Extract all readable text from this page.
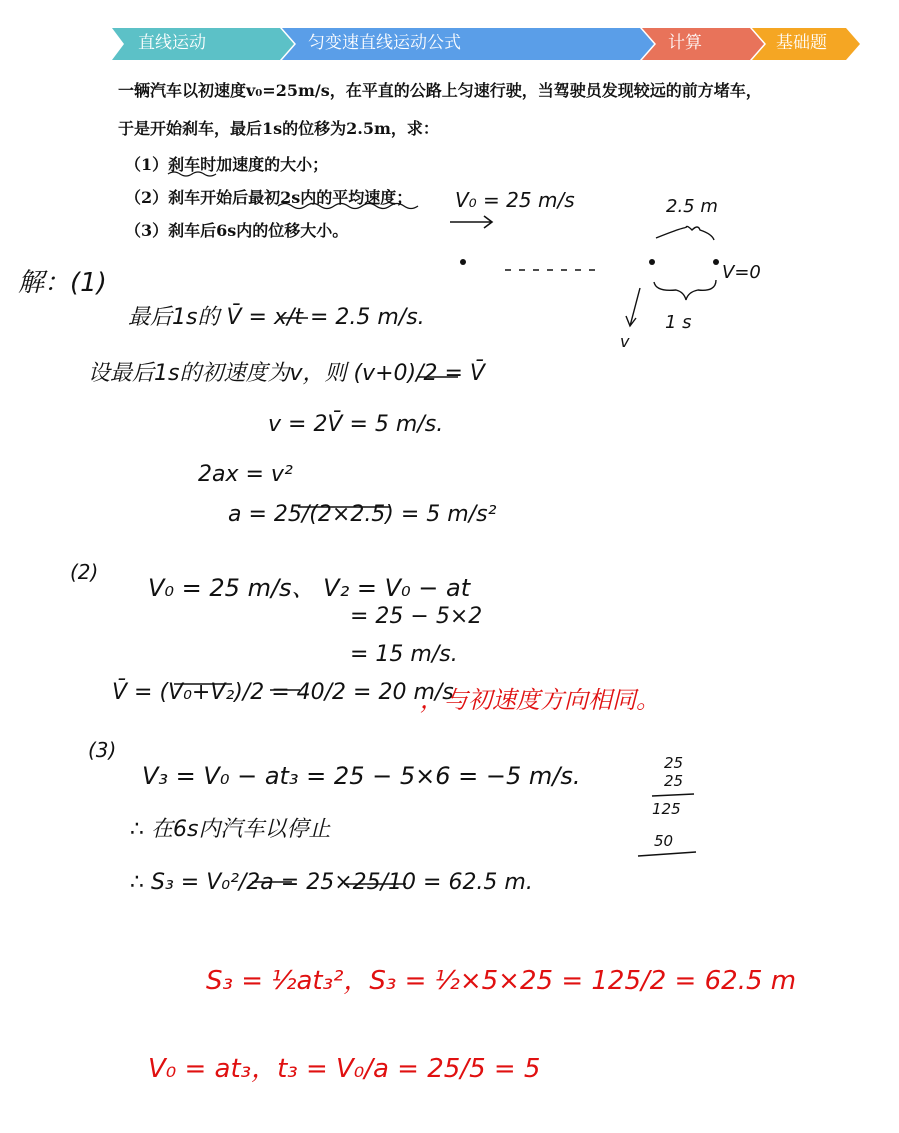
直线运动	匀变速直线运动公式	计算	基础题
一辆汽车以初速度v₀=25m/s，在平直的公路上匀速行驶，当驾驶员发现较远的前方堵车，
于是开始刹车，最后1s的位移为2.5m，求：
（1）刹车时加速度的大小；
（2）刹车开始后最初2s内的平均速度；
（3）刹车后6s内的位移大小。
V₀ = 25 m/s	2.5 m
V=0
1 s
v
解：(1)
最后1s的 V̄ = x/t = 2.5 m/s.
设最后1s的初速度为v，则 (v+0)/2 = V̄
v = 2V̄ = 5 m/s.
2ax = v²
a = 25/(2×2.5) = 5 m/s²
(2)
V₀ = 25 m/s、 V₂ = V₀ − at
= 25 − 5×2
= 15 m/s.
V̄ = (V₀+V₂)/2 = 40/2 = 20 m/s
，与初速度方向相同。
(3)
V₃ = V₀ − at₃ = 25 − 5×6 = −5 m/s.
∴ 在6s内汽车以停止
∴ S₃ = V₀²/2a = 25×25/10 = 62.5 m.
25
25
125
50
S₃ = ½at₃²，S₃ = ½×5×25 = 125/2 = 62.5 m
V₀ = at₃，t₃ = V₀/a = 25/5 = 5
